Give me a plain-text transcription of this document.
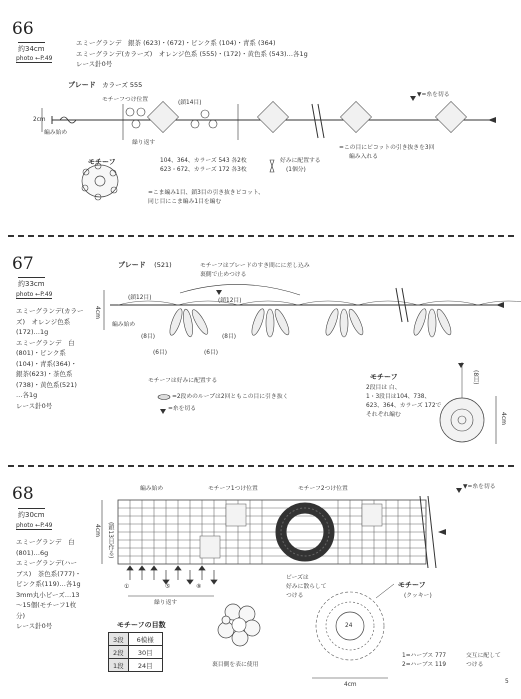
66
約34cm
photo ←P.49
エミーグランデ　銀茶 (623)・(672)・ピンク系 (104)・青系 (364)
エミーグランデ(カラーズ)　オレンジ色系 (555)・(172)・黄色系 (543)…各1g
レース針0号
ブレード カラーズ 555
モチーフつけ位置	(鎖14目)
2cm
編み始め
繰り返す
▼=糸を切る
=この目にピコットの引き抜きを3回
編み入れる
モチーフ	104、364、カラーズ 543 各2枚
623・672、カラーズ 172 各3枚
好みに配置する
(1個分)
=こま編み1目、鎖3目の引き抜きピコット、
同じ目にこま編み1目を編む
67
約33cm
photo ←P.49
エミーグランデ(カラー
ズ)　オレンジ色系
(172)…1g
エミーグランデ　白
(801)・ピンク系
(104)・青系(364)・
銀茶(623)・茶色系
(738)・黄色系(521)
…各1g
レース針0号
ブレード (521)	モチーフはブレードのすき間にに差し込み
裏側で止めつける
(鎖12目)	(鎖12目)
4cm
編み始め
(8目)	(8目)
(6目)	(6目)
モチーフは好みに配置する
=2段めのループは2回ともこの目に引き抜く
=糸を切る
モチーフ
2段目は 白、
1・3段目は104、738、
623、364、カラーズ 172で
それぞれ編む
(8目)
4cm
68
約30cm
photo ←P.49
エミーグランデ　白
(801)…6g
エミーグランデ(ハー
ブス)　茶色系(777)・
ピンク系(119)…各1g
3mm丸小ビーズ…13
〜15個(モチーフ1枚
分)
レース針0号
編み始め	モチーフ1つけ位置	モチーフ2つけ位置	▼=糸を切る
4cm (鎖13目作る)
①	⑤	⑧
繰り返す
モチーフの目数
3段	6模様
2段	30目
1段	24目	裏目側を表に使用
ビーズは
好みに散らして
つける
24
モチーフ
(クッキー)
1=ハーブス 777
2=ハーブス 119
交互に配して
つける
4cm	5
